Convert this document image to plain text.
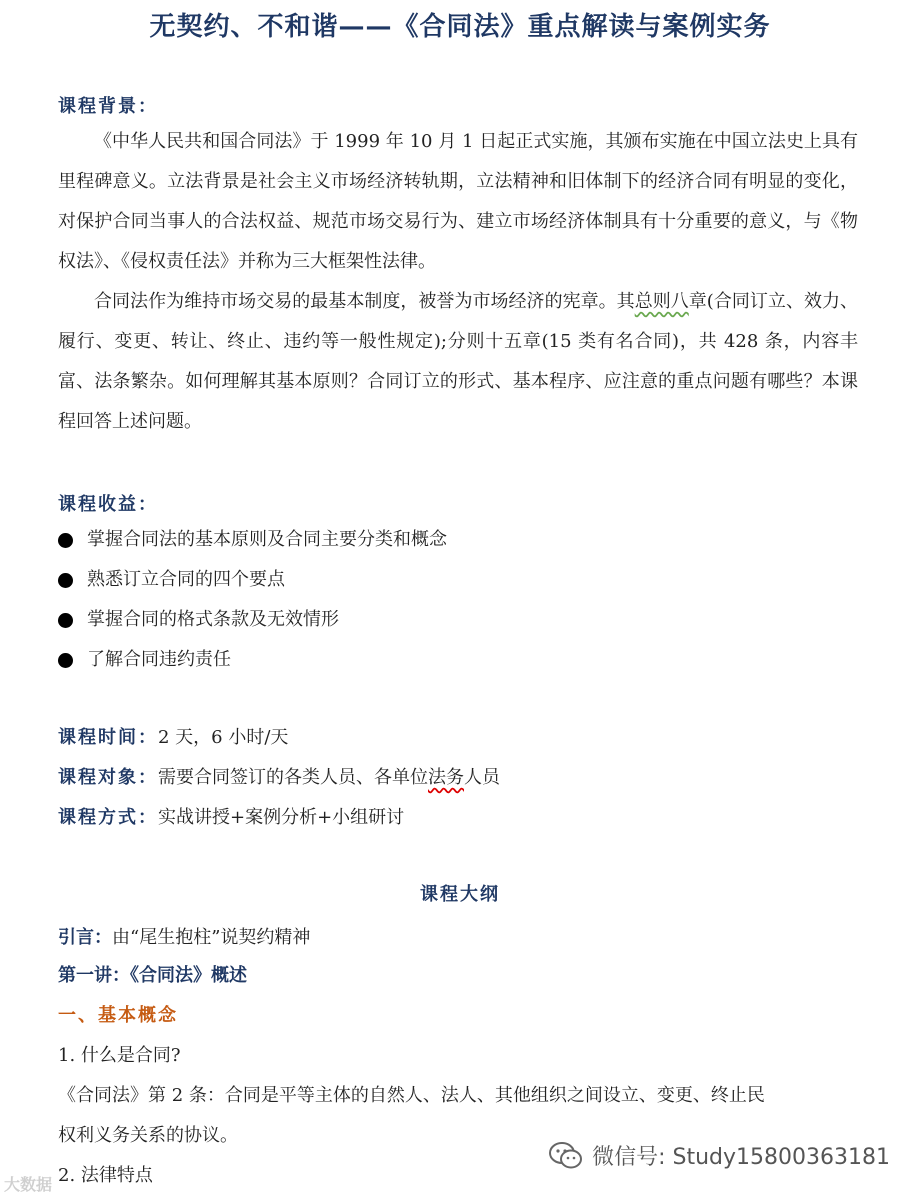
无契约、不和谐——《合同法》重点解读与案例实务
课程背景：

《中华人民共和国合同法》于 1999 年 10 月 1 日起正式实施，其颁布实施在中国立法史上具有里程碑意义。立法背景是社会主义市场经济转轨期，立法精神和旧体制下的经济合同有明显的变化，对保护合同当事人的合法权益、规范市场交易行为、建立市场经济体制具有十分重要的意义，与《物权法》、《侵权责任法》并称为三大框架性法律。

合同法作为维持市场交易的最基本制度，被誉为市场经济的宪章。其总则八章(合同订立、效力、履行、变更、转让、终止、违约等一般性规定);分则十五章(15 类有名合同)，共 428 条，内容丰富、法条繁杂。如何理解其基本原则？合同订立的形式、基本程序、应注意的重点问题有哪些？本课程回答上述问题。

课程收益：
掌握合同法的基本原则及合同主要分类和概念
熟悉订立合同的四个要点
掌握合同的格式条款及无效情形
了解合同违约责任
课程时间：2 天，6 小时/天
课程对象：需要合同签订的各类人员、各单位法务人员
课程方式：实战讲授+案例分析+小组研讨
课程大纲
引言：由“尾生抱柱”说契约精神
第一讲：《合同法》概述
一、基本概念
1. 什么是合同?
《合同法》第 2 条：合同是平等主体的自然人、法人、其他组织之间设立、变更、终止民
权利义务关系的协议。
2. 法律特点
大数据
微信号: Study15800363181
